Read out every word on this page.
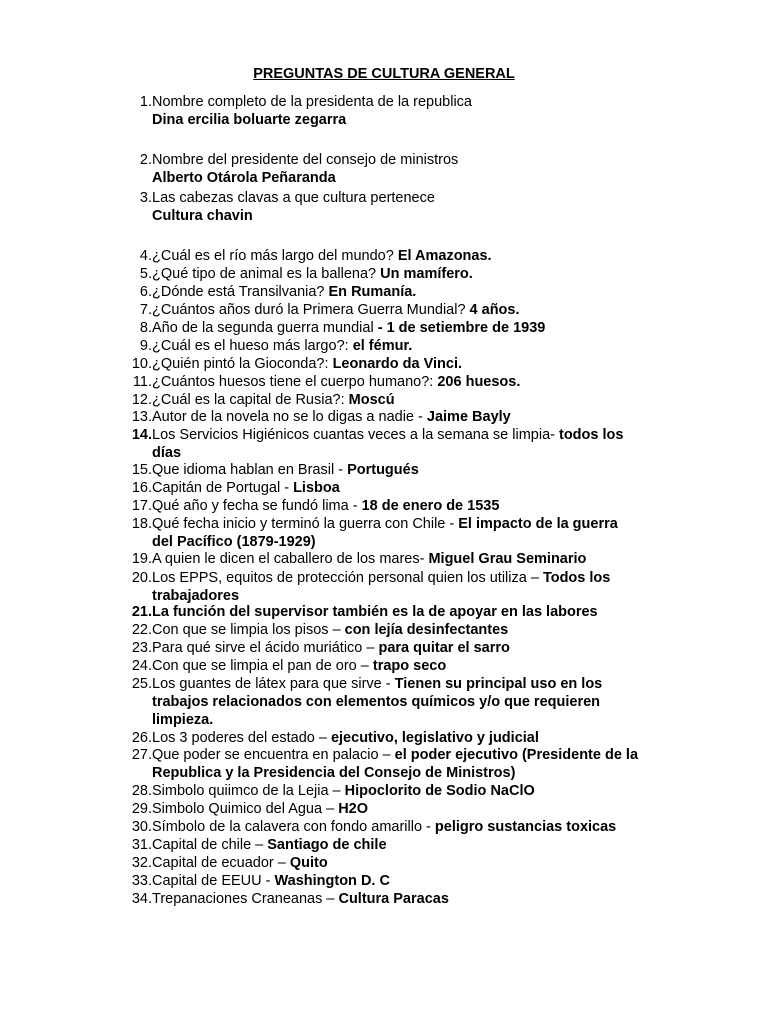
PREGUNTAS DE CULTURA GENERAL
1. Nombre completo de la presidenta de la republica
Dina ercilia boluarte zegarra
2. Nombre del presidente del consejo de ministros
Alberto Otárola Peñaranda
3. Las cabezas clavas a que cultura pertenece
Cultura chavin
4. ¿Cuál es el río más largo del mundo? El Amazonas.
5. ¿Qué tipo de animal es la ballena? Un mamífero.
6. ¿Dónde está Transilvania? En Rumanía.
7. ¿Cuántos años duró la Primera Guerra Mundial? 4 años.
8. Año de la segunda guerra mundial - 1 de setiembre de 1939
9. ¿Cuál es el hueso más largo?: el fémur.
10. ¿Quién pintó la Gioconda?: Leonardo da Vinci.
11. ¿Cuántos huesos tiene el cuerpo humano?: 206 huesos.
12. ¿Cuál es la capital de Rusia?: Moscú
13. Autor de la novela no se lo digas a nadie - Jaime Bayly
14. Los Servicios Higiénicos cuantas veces a la semana se limpia- todos los
días
15. Que idioma hablan en Brasil - Portugués
16. Capitán de Portugal - Lisboa
17. Qué año y fecha se fundó lima - 18 de enero de 1535
18. Qué fecha inicio y terminó la guerra con Chile - El impacto de la guerra
del Pacífico (1879-1929)
19. A quien le dicen el caballero de los mares- Miguel Grau Seminario
20. Los EPPS, equitos de protección personal quien los utiliza – Todos los
trabajadores
21. La función del supervisor también es la de apoyar en las labores
22. Con que se limpia los pisos – con lejía desinfectantes
23. Para qué sirve el ácido muriático – para quitar el sarro
24. Con que se limpia el pan de oro – trapo seco
25. Los guantes de látex para que sirve - Tienen su principal uso en los
trabajos relacionados con elementos químicos y/o que requieren
limpieza.
26. Los 3 poderes del estado – ejecutivo, legislativo y judicial
27. Que poder se encuentra en palacio – el poder ejecutivo (Presidente de la
Republica y la Presidencia del Consejo de Ministros)
28. Simbolo quiimco de la Lejia – Hipoclorito de Sodio NaClO
29. Simbolo Quimico del Agua – H2O
30. Símbolo de la calavera con fondo amarillo - peligro sustancias toxicas
31. Capital de chile – Santiago de chile
32. Capital de ecuador – Quito
33. Capital de EEUU - Washington D. C
34. Trepanaciones Craneanas – Cultura Paracas
